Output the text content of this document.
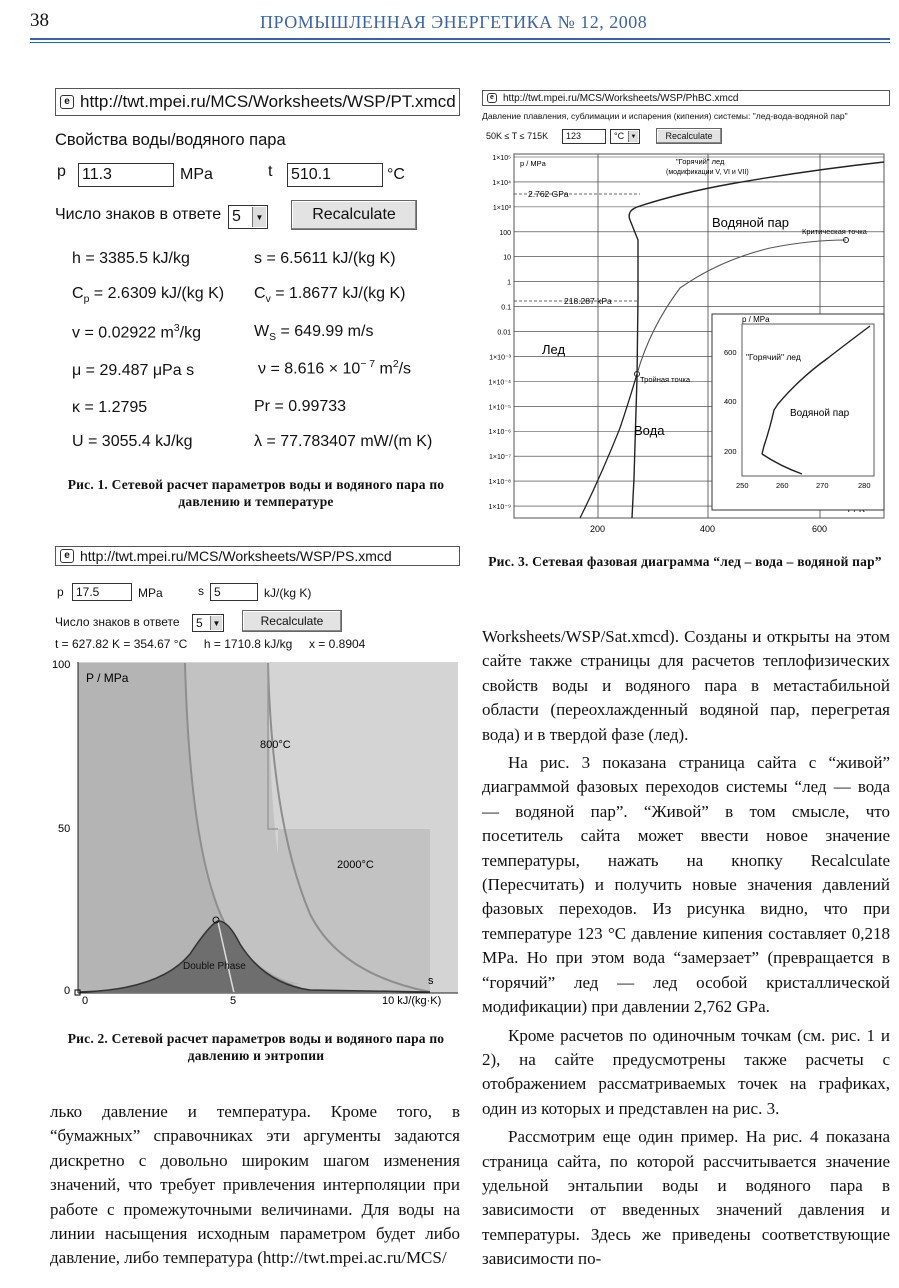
38	ПРОМЫШЛЕННАЯ ЭНЕРГЕТИКА № 12, 2008
e http://twt.mpei.ru/MCS/Worksheets/WSP/PT.xmcd
Свойства воды/водяного пара
p 11.3	MPa	t 510.1	°C
Число знаков в ответе 5	▼	Recalculate
h = 3385.5 kJ/kg	s = 6.5611 kJ/(kg K)
$C_p = 2.6309$ kJ/(kg K) $C_v = 1.8677$ kJ/(kg K)
v = 0.02922 $m^3/kg$	$W_S = 649.99$ m/s
μ = 29.487 μPa s	$\nu = 8.616 \times 10^{- 7}$ $m^2/s$
κ = 1.2795	Pr = 0.99733
U = 3055.4 kJ/kg	λ = 77.783407 mW/(m K)
Рис. 1. Сетевой расчет параметров воды и водяного пара по давлению и температуре
e http://twt.mpei.ru/MCS/Worksheets/WSP/PS.xmcd
p	17.5	MPa	s 5	kJ/(kg K)
Число знаков в ответе	5	▼	Recalculate
t = 627.82 K = 354.67 °C     h = 1710.8 kJ/kg     x = 0.8904
100
50
0
0	5	10 kJ/(kg·K)
s
P / MPa
800°C
2000°C
Double Phase
Рис. 2. Сетевой расчет параметров воды и водяного пара по давлению и энтропии
e http://twt.mpei.ru/MCS/Worksheets/WSP/PhBC.xmcd
Давление плавления, сублимации и испарения (кипения) системы: "лед-вода-водяной пар"
50K ≤ T ≤ 715K	123	°C	▼	Recalculate
1×10⁵
1×10⁴
1×10³
100
10
1
0.1
0.01
1×10⁻³
1×10⁻⁴
1×10⁻⁵
1×10⁻⁶
1×10⁻⁷
1×10⁻⁸
1×10⁻⁹
200	400	600
p / MPa	"Горячий" лед
(модификации V, VI и VII)
2.762 GPa
218.287 kPa
Водяной пар
Критическая точка
Лед
Тройная точка
Вода
p / MPa
600
400
200
250	260	270	280
"Горячий" лед
Водяной пар
Рис. 3. Сетевая фазовая диаграмма “лед – вода – водяной пар”

лько давление и температура. Кроме того, в “бумажных” справочниках эти аргументы задаются дискретно с довольно широким шагом изменения значений, что требует привлечения интерполяции при работе с промежуточными величинами. Для воды на линии насыщения исходным параметром будет либо давление, либо температура (http://twt.mpei.ac.ru/MCS/

Worksheets/WSP/Sat.xmcd). Созданы и открыты на этом сайте также страницы для расчетов теплофизических свойств воды и водяного пара в метастабильной области (переохлажденный водяной пар, перегретая вода) и в твердой фазе (лед).

На рис. 3 показана страница сайта с “живой” диаграммой фазовых переходов системы “лед — вода — водяной пар”. “Живой” в том смысле, что посетитель сайта может ввести новое значение температуры, нажать на кнопку Recalculate (Пересчитать) и получить новые значения давлений фазовых переходов. Из рисунка видно, что при температуре 123 °С давление кипения составляет 0,218 MPa. Но при этом вода “замерзает” (превращается в “горячий” лед — лед особой кристаллической модификации) при давлении 2,762 GPa.

Кроме расчетов по одиночным точкам (см. рис. 1 и 2), на сайте предусмотрены также расчеты с отображением рассматриваемых точек на графиках, один из которых и представлен на рис. 3.

Рассмотрим еще один пример. На рис. 4 показана страница сайта, по которой рассчитывается значение удельной энтальпии воды и водяного пара в зависимости от введенных значений давления и температуры. Здесь же приведены соответствующие зависимости по-
